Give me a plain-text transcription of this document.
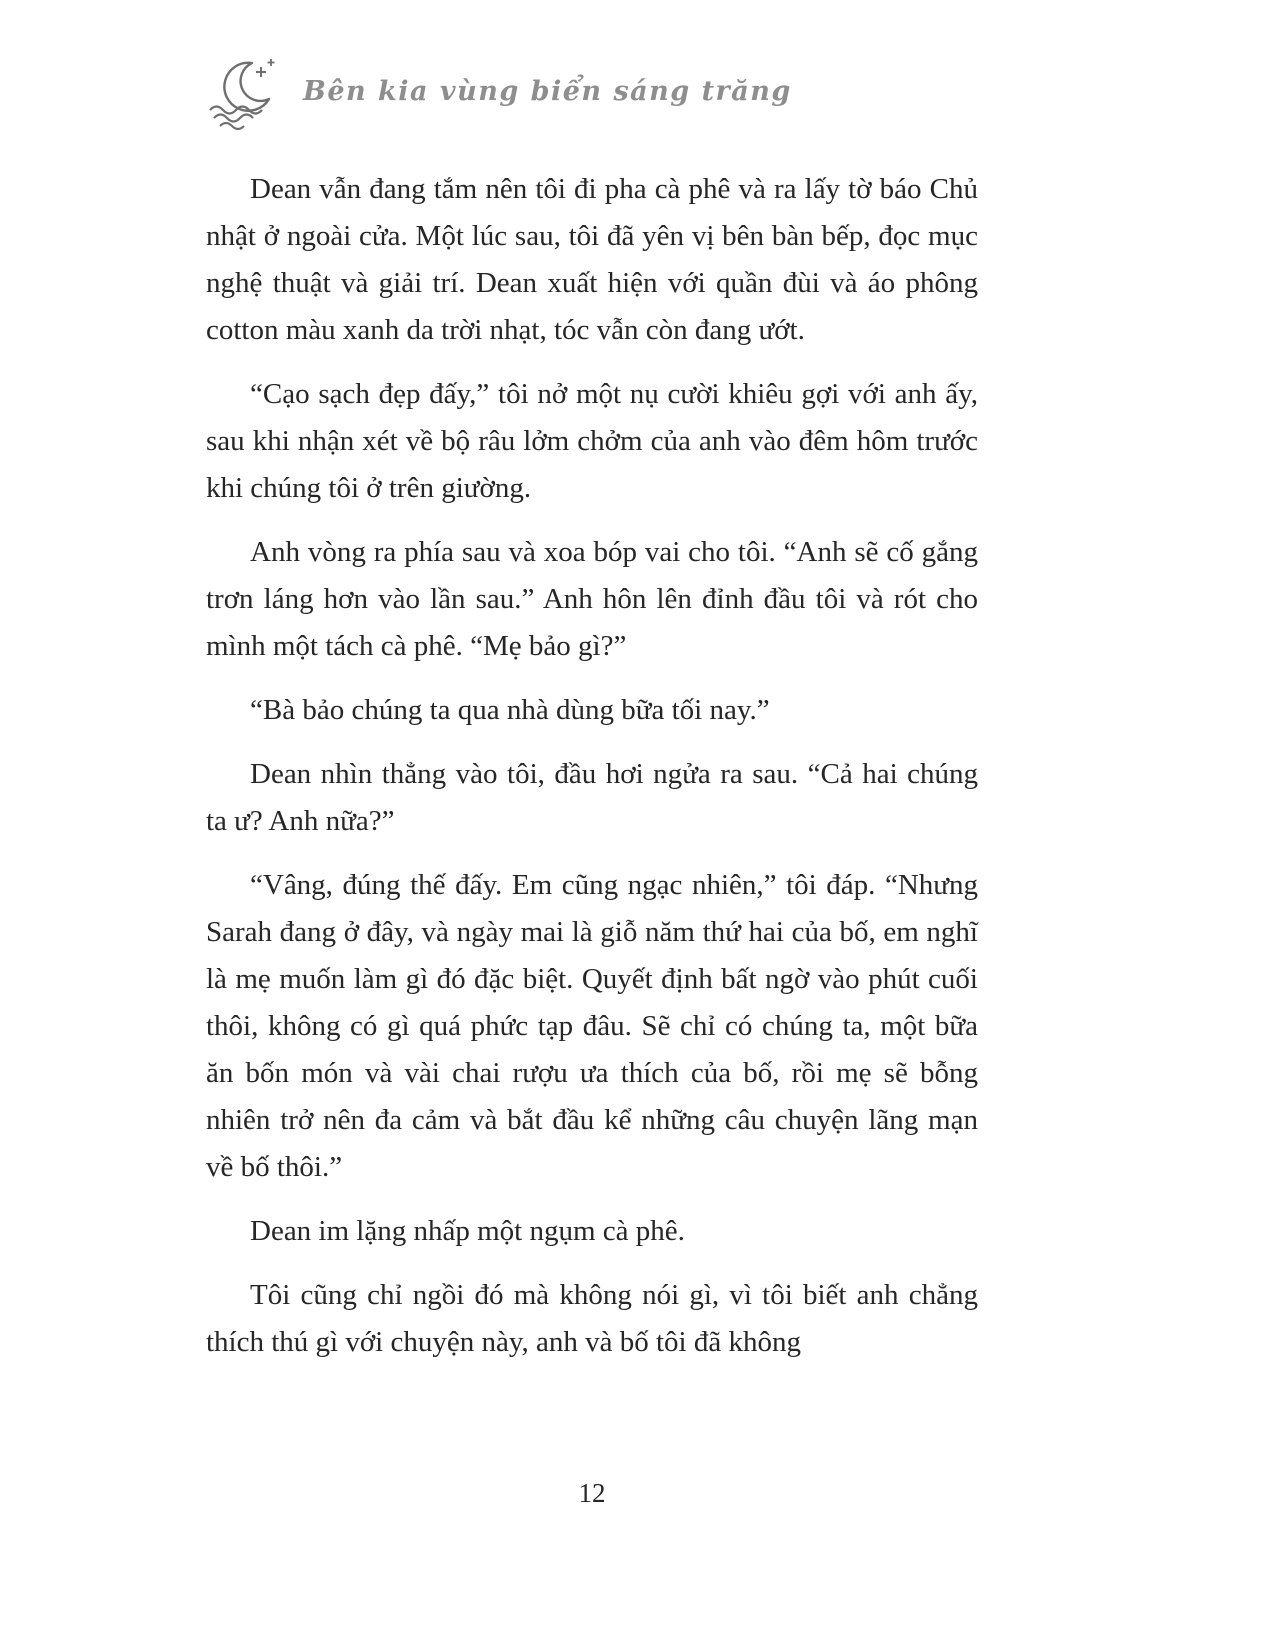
Bên kia vùng biển sáng trăng

Dean vẫn đang tắm nên tôi đi pha cà phê và ra lấy tờ báo Chủ nhật ở ngoài cửa. Một lúc sau, tôi đã yên vị bên bàn bếp, đọc mục nghệ thuật và giải trí. Dean xuất hiện với quần đùi và áo phông cotton màu xanh da trời nhạt, tóc vẫn còn đang ướt.

“Cạo sạch đẹp đấy,” tôi nở một nụ cười khiêu gợi với anh ấy, sau khi nhận xét về bộ râu lởm chởm của anh vào đêm hôm trước khi chúng tôi ở trên giường.

Anh vòng ra phía sau và xoa bóp vai cho tôi. “Anh sẽ cố gắng trơn láng hơn vào lần sau.” Anh hôn lên đỉnh đầu tôi và rót cho mình một tách cà phê. “Mẹ bảo gì?”

“Bà bảo chúng ta qua nhà dùng bữa tối nay.”

Dean nhìn thẳng vào tôi, đầu hơi ngửa ra sau. “Cả hai chúng ta ư? Anh nữa?”

“Vâng, đúng thế đấy. Em cũng ngạc nhiên,” tôi đáp. “Nhưng Sarah đang ở đây, và ngày mai là giỗ năm thứ hai của bố, em nghĩ là mẹ muốn làm gì đó đặc biệt. Quyết định bất ngờ vào phút cuối thôi, không có gì quá phức tạp đâu. Sẽ chỉ có chúng ta, một bữa ăn bốn món và vài chai rượu ưa thích của bố, rồi mẹ sẽ bỗng nhiên trở nên đa cảm và bắt đầu kể những câu chuyện lãng mạn về bố thôi.”

Dean im lặng nhấp một ngụm cà phê.

Tôi cũng chỉ ngồi đó mà không nói gì, vì tôi biết anh chẳng thích thú gì với chuyện này, anh và bố tôi đã không

12
